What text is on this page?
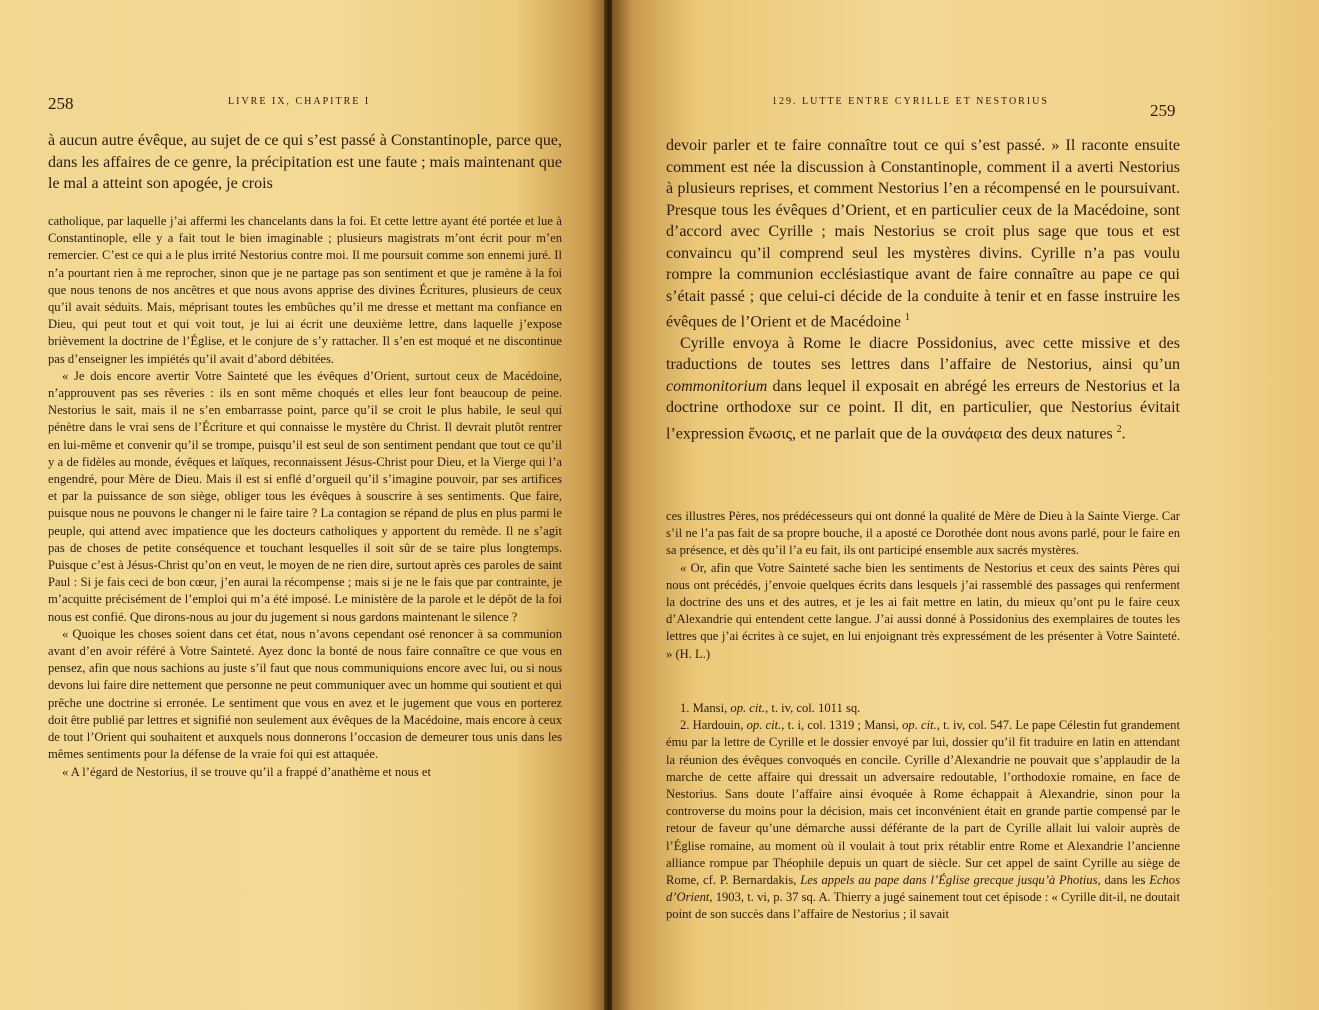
258	LIVRE IX, CHAPITRE I

à aucun autre évêque, au sujet de ce qui s’est passé à Constantinople, parce que, dans les affaires de ce genre, la précipitation est une faute ; mais maintenant que le mal a atteint son apogée, je crois

catholique, par laquelle j’ai affermi les chancelants dans la foi. Et cette lettre ayant été portée et lue à Constantinople, elle y a fait tout le bien imaginable ; plusieurs magistrats m’ont écrit pour m’en remercier. C’est ce qui a le plus irrité Nestorius contre moi. Il me poursuit comme son ennemi juré. Il n’a pourtant rien à me reprocher, sinon que je ne partage pas son sentiment et que je ramène à la foi que nous tenons de nos ancêtres et que nous avons apprise des divines Écritures, plusieurs de ceux qu’il avait séduits. Mais, méprisant toutes les embûches qu’il me dresse et mettant ma confiance en Dieu, qui peut tout et qui voit tout, je lui ai écrit une deuxième lettre, dans laquelle j’expose brièvement la doctrine de l’Église, et le conjure de s’y rattacher. Il s’en est moqué et ne discontinue pas d’enseigner les impiétés qu’il avait d’abord débitées.

« Je dois encore avertir Votre Sainteté que les évêques d’Orient, surtout ceux de Macédoine, n’approuvent pas ses rêveries : ils en sont même choqués et elles leur font beaucoup de peine. Nestorius le sait, mais il ne s’en embarrasse point, parce qu’il se croit le plus habile, le seul qui pénètre dans le vrai sens de l’Écriture et qui connaisse le mystère du Christ. Il devrait plutôt rentrer en lui-même et convenir qu’il se trompe, puisqu’il est seul de son sentiment pendant que tout ce qu’il y a de fidèles au monde, évêques et laïques, reconnaissent Jésus-Christ pour Dieu, et la Vierge qui l’a engendré, pour Mère de Dieu. Mais il est si enflé d’orgueil qu’il s’imagine pouvoir, par ses artifices et par la puissance de son siège, obliger tous les évêques à souscrire à ses sentiments. Que faire, puisque nous ne pouvons le changer ni le faire taire ? La contagion se répand de plus en plus parmi le peuple, qui attend avec impatience que les docteurs catholiques y apportent du remède. Il ne s’agit pas de choses de petite conséquence et touchant lesquelles il soit sûr de se taire plus longtemps. Puisque c’est à Jésus-Christ qu’on en veut, le moyen de ne rien dire, surtout après ces paroles de saint Paul : Si je fais ceci de bon cœur, j’en aurai la récompense ; mais si je ne le fais que par contrainte, je m’acquitte précisément de l’emploi qui m’a été imposé. Le ministère de la parole et le dépôt de la foi nous est confié. Que dirons-nous au jour du jugement si nous gardons maintenant le silence ?

« Quoique les choses soient dans cet état, nous n’avons cependant osé renoncer à sa communion avant d’en avoir référé à Votre Sainteté. Ayez donc la bonté de nous faire connaître ce que vous en pensez, afin que nous sachions au juste s’il faut que nous communiquions encore avec lui, ou si nous devons lui faire dire nettement que personne ne peut communiquer avec un homme qui soutient et qui prêche une doctrine si erronée. Le sentiment que vous en avez et le jugement que vous en porterez doit être publié par lettres et signifié non seulement aux évêques de la Macédoine, mais encore à ceux de tout l’Orient qui souhaitent et auxquels nous donnerons l’occasion de demeurer tous unis dans les mêmes sentiments pour la défense de la vraie foi qui est attaquée.

« A l’égard de Nestorius, il se trouve qu’il a frappé d’anathème et nous et

129. LUTTE ENTRE CYRILLE ET NESTORIUS	259

devoir parler et te faire connaître tout ce qui s’est passé. » Il raconte ensuite comment est née la discussion à Constantinople, comment il a averti Nestorius à plusieurs reprises, et comment Nestorius l’en a récompensé en le poursuivant. Presque tous les évêques d’Orient, et en particulier ceux de la Macédoine, sont d’accord avec Cyrille ; mais Nestorius se croit plus sage que tous et est convaincu qu’il comprend seul les mystères divins. Cyrille n’a pas voulu rompre la communion ecclésiastique avant de faire connaître au pape ce qui s’était passé ; que celui-ci décide de la conduite à tenir et en fasse instruire les évêques de l’Orient et de Macédoine $^1$

Cyrille envoya à Rome le diacre Possidonius, avec cette missive et des traductions de toutes ses lettres dans l’affaire de Nestorius, ainsi qu’un commonitorium dans lequel il exposait en abrégé les erreurs de Nestorius et la doctrine orthodoxe sur ce point. Il dit, en particulier, que Nestorius évitait l’expression ἕνωσις, et ne parlait que de la συνάφεια des deux natures $^2$.

ces illustres Pères, nos prédécesseurs qui ont donné la qualité de Mère de Dieu à la Sainte Vierge. Car s’il ne l’a pas fait de sa propre bouche, il a aposté ce Dorothée dont nous avons parlé, pour le faire en sa présence, et dès qu’il l’a eu fait, ils ont participé ensemble aux sacrés mystères.

« Or, afin que Votre Sainteté sache bien les sentiments de Nestorius et ceux des saints Pères qui nous ont précédés, j’envoie quelques écrits dans lesquels j’ai rassemblé des passages qui renferment la doctrine des uns et des autres, et je les ai fait mettre en latin, du mieux qu’ont pu le faire ceux d’Alexandrie qui entendent cette langue. J’ai aussi donné à Possidonius des exemplaires de toutes les lettres que j’ai écrites à ce sujet, en lui enjoignant très expressément de les présenter à Votre Sainteté. » (H. L.)

1. Mansi, op. cit., t. iv, col. 1011 sq.

2. Hardouin, op. cit., t. i, col. 1319 ; Mansi, op. cit., t. iv, col. 547. Le pape Célestin fut grandement ému par la lettre de Cyrille et le dossier envoyé par lui, dossier qu’il fit traduire en latin en attendant la réunion des évêques convoqués en concile. Cyrille d’Alexandrie ne pouvait que s’applaudir de la marche de cette affaire qui dressait un adversaire redoutable, l’orthodoxie romaine, en face de Nestorius. Sans doute l’affaire ainsi évoquée à Rome échappait à Alexandrie, sinon pour la controverse du moins pour la décision, mais cet inconvénient était en grande partie compensé par le retour de faveur qu’une démarche aussi déférante de la part de Cyrille allait lui valoir auprès de l’Église romaine, au moment où il voulait à tout prix rétablir entre Rome et Alexandrie l’ancienne alliance rompue par Théophile depuis un quart de siècle. Sur cet appel de saint Cyrille au siège de Rome, cf. P. Bernardakis, Les appels au pape dans l’Église grecque jusqu’à Photius, dans les Echos d’Orient, 1903, t. vi, p. 37 sq. A. Thierry a jugé sainement tout cet épisode : « Cyrille dit-il, ne doutait point de son succès dans l’affaire de Nestorius ; il savait
